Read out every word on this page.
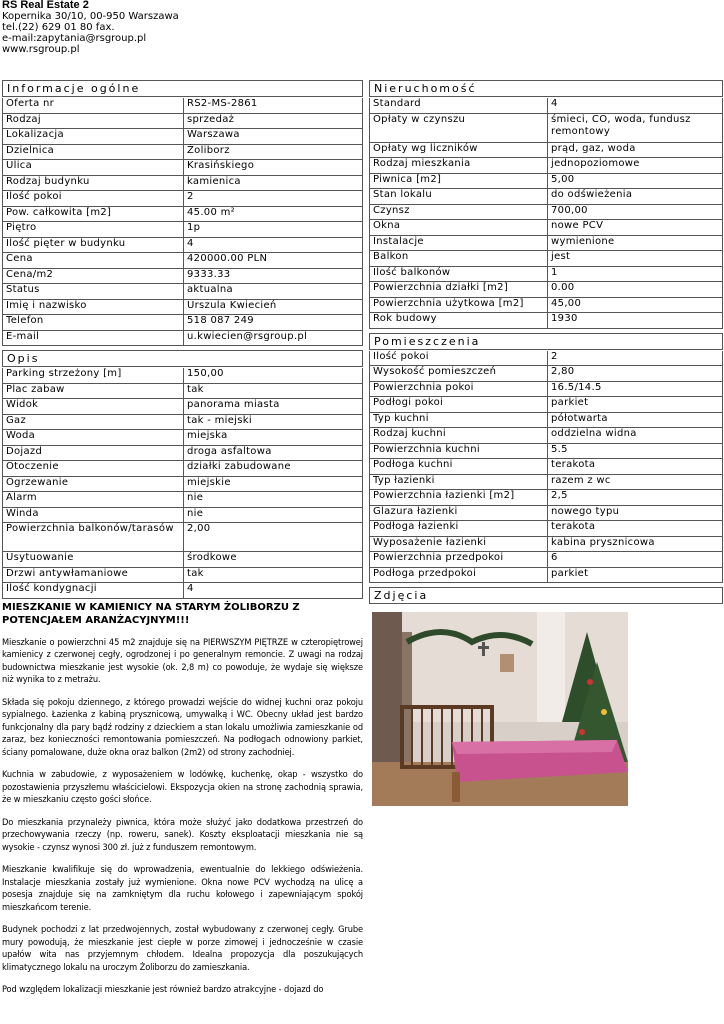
RS Real Estate 2
Kopernika 30/10, 00-950 Warszawa
tel.(22) 629 01 80 fax.
e-mail:zapytania@rsgroup.pl
www.rsgroup.pl
Informacje ogólne
Oferta nr	RS2-MS-2861
Rodzaj	sprzedaż
Lokalizacja	Warszawa
Dzielnica	Żoliborz
Ulica	Krasińskiego
Rodzaj budynku	kamienica
Ilość pokoi	2
Pow. całkowita [m2]	45.00 m²
Piętro	1p
Ilość pięter w budynku	4
Cena	420000.00 PLN
Cena/m2	9333.33
Status	aktualna
Imię i nazwisko	Urszula Kwiecień
Telefon	518 087 249
E-mail	u.kwiecien@rsgroup.pl
Opis
Parking strzeżony [m]	150,00
Plac zabaw	tak
Widok	panorama miasta
Gaz	tak - miejski
Woda	miejska
Dojazd	droga asfaltowa
Otoczenie	działki zabudowane
Ogrzewanie	miejskie
Alarm	nie
Winda	nie
Powierzchnia balkonów/tarasów	2,00
Usytuowanie	środkowe
Drzwi antywłamaniowe	tak
Ilość kondygnacji	4
MIESZKANIE W KAMIENICY NA STARYM ŻOLIBORZU Z POTENCJAŁEM ARANŻACYJNYM!!!

Mieszkanie o powierzchni 45 m2 znajduje się na PIERWSZYM PIĘTRZE w czteropiętrowej kamienicy z czerwonej cegły, ogrodzonej i po generalnym remoncie. Z uwagi na rodzaj budownictwa mieszkanie jest wysokie (ok. 2,8 m) co powoduje, że wydaje się większe niż wynika to z metrażu.

Składa się pokoju dziennego, z którego prowadzi wejście do widnej kuchni oraz pokoju sypialnego. Łazienka z kabiną prysznicową, umywalką i WC. Obecny układ jest bardzo funkcjonalny dla pary bądź rodziny z dzieckiem a stan lokalu umożliwia zamieszkanie od zaraz, bez konieczności remontowania pomieszczeń. Na podłogach odnowiony parkiet, ściany pomalowane, duże okna oraz balkon (2m2) od strony zachodniej.

Kuchnia w zabudowie, z wyposażeniem w lodówkę, kuchenkę, okap - wszystko do pozostawienia przyszłemu właścicielowi. Ekspozycja okien na stronę zachodnią sprawia, że w mieszkaniu często gości słońce.

Do mieszkania przynależy piwnica, która może służyć jako dodatkowa przestrzeń do przechowywania rzeczy (np. roweru, sanek). Koszty eksploatacji mieszkania nie są wysokie - czynsz wynosi 300 zł. już z funduszem remontowym.

Mieszkanie kwalifikuje się do wprowadzenia, ewentualnie do lekkiego odświeżenia. Instalacje mieszkania zostały już wymienione. Okna nowe PCV wychodzą na ulicę a posesja znajduje się na zamkniętym dla ruchu kołowego i zapewniającym spokój mieszkańcom terenie.

Budynek pochodzi z lat przedwojennych, został wybudowany z czerwonej cegły. Grube mury powodują, że mieszkanie jest ciepłe w porze zimowej i jednocześnie w czasie upałów wita nas przyjemnym chłodem. Idealna propozycja dla poszukujących klimatycznego lokalu na uroczym Żoliborzu do zamieszkania.

Pod względem lokalizacji mieszkanie jest również bardzo atrakcyjne - dojazd do

Nieruchomość
Standard	4
Opłaty w czynszu	śmieci, CO, woda, fundusz remontowy
Opłaty wg liczników	prąd, gaz, woda
Rodzaj mieszkania	jednopoziomowe
Piwnica [m2]	5,00
Stan lokalu	do odświeżenia
Czynsz	700,00
Okna	nowe PCV
Instalacje	wymienione
Balkon	jest
Ilość balkonów	1
Powierzchnia działki [m2]	0.00
Powierzchnia użytkowa [m2]	45,00
Rok budowy	1930
Pomieszczenia
Ilość pokoi	2
Wysokość pomieszczeń	2,80
Powierzchnia pokoi	16.5/14.5
Podłogi pokoi	parkiet
Typ kuchni	półotwarta
Rodzaj kuchni	oddzielna widna
Powierzchnia kuchni	5.5
Podłoga kuchni	terakota
Typ łazienki	razem z wc
Powierzchnia łazienki [m2]	2,5
Glazura łazienki	nowego typu
Podłoga łazienki	terakota
Wyposażenie łazienki	kabina prysznicowa
Powierzchnia przedpokoi	6
Podłoga przedpokoi	parkiet
Zdjęcia
